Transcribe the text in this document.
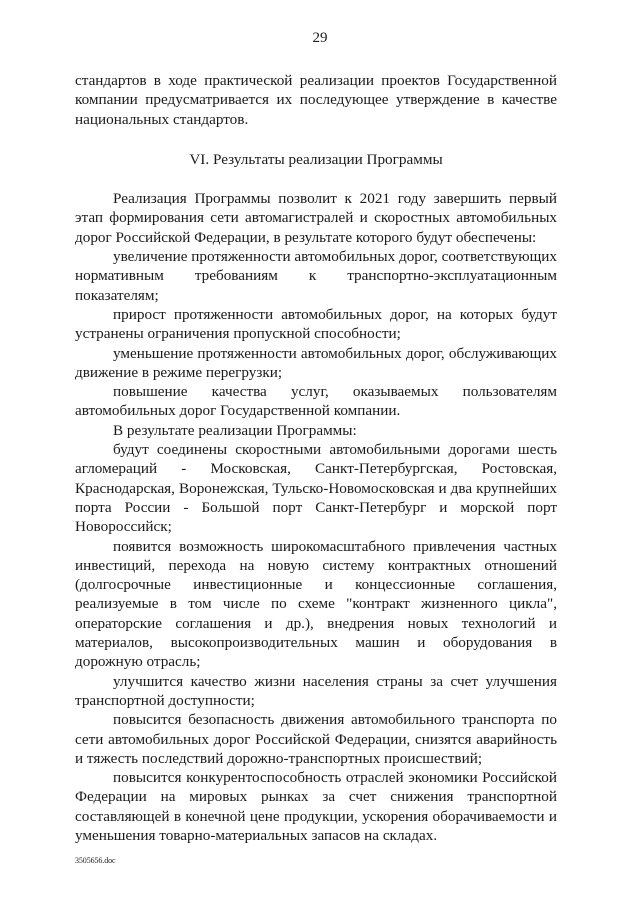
29

стандартов в ходе практической реализации проектов Государственной компании предусматривается их последующее утверждение в качестве национальных стандартов.

VI. Результаты реализации Программы

Реализация Программы позволит к 2021 году завершить первый этап формирования сети автомагистралей и скоростных автомобильных дорог Российской Федерации, в результате которого будут обеспечены:

увеличение протяженности автомобильных дорог, соответствующих нормативным требованиям к транспортно-эксплуатационным показателям;

прирост протяженности автомобильных дорог, на которых будут устранены ограничения пропускной способности;

уменьшение протяженности автомобильных дорог, обслуживающих движение в режиме перегрузки;

повышение качества услуг, оказываемых пользователям автомобильных дорог Государственной компании.

В результате реализации Программы:

будут соединены скоростными автомобильными дорогами шесть агломераций - Московская, Санкт-Петербургская, Ростовская, Краснодарская, Воронежская, Тульско-Новомосковская и два крупнейших порта России - Большой порт Санкт-Петербург и морской порт Новороссийск;

появится возможность широкомасштабного привлечения частных инвестиций, перехода на новую систему контрактных отношений (долгосрочные инвестиционные и концессионные соглашения, реализуемые в том числе по схеме "контракт жизненного цикла", операторские соглашения и др.), внедрения новых технологий и материалов, высокопроизводительных машин и оборудования в дорожную отрасль;

улучшится качество жизни населения страны за счет улучшения транспортной доступности;

повысится безопасность движения автомобильного транспорта по сети автомобильных дорог Российской Федерации, снизятся аварийность и тяжесть последствий дорожно-транспортных происшествий;

повысится конкурентоспособность отраслей экономики Российской Федерации на мировых рынках за счет снижения транспортной составляющей в конечной цене продукции, ускорения оборачиваемости и уменьшения товарно-материальных запасов на складах.

3505656.doc
